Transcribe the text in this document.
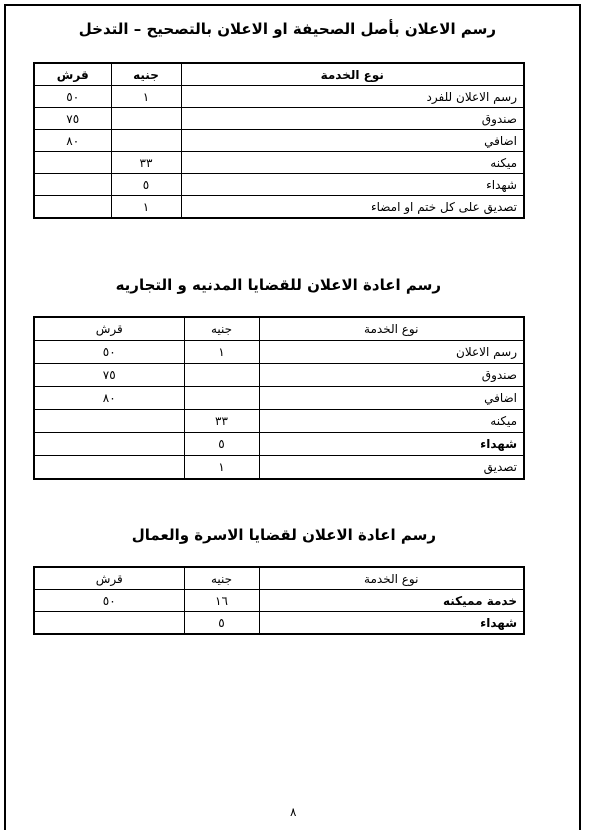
رسم الاعلان بأصل الصحيفة او الاعلان بالتصحيح – التدخل
نوع الخدمة	جنيه	قرش
رسم الاعلان للفرد	١	٥٠
صندوق		٧٥
اضافي		٨٠
ميكنه	٣٣	
شهداء	٥	
تصديق على كل ختم او امضاء	١	
رسم اعادة الاعلان للقضايا المدنيه و التجاريه
نوع الخدمة	جنيه	قرش
رسم الاعلان	١	٥٠
صندوق		٧٥
اضافي		٨٠
ميكنه	٣٣	
شهداء	٥	
تصديق	١	
رسم اعادة الاعلان لقضايا الاسرة والعمال
نوع الخدمة	جنيه	قرش
خدمة مميكنه	١٦	٥٠
شهداء	٥	
٨
